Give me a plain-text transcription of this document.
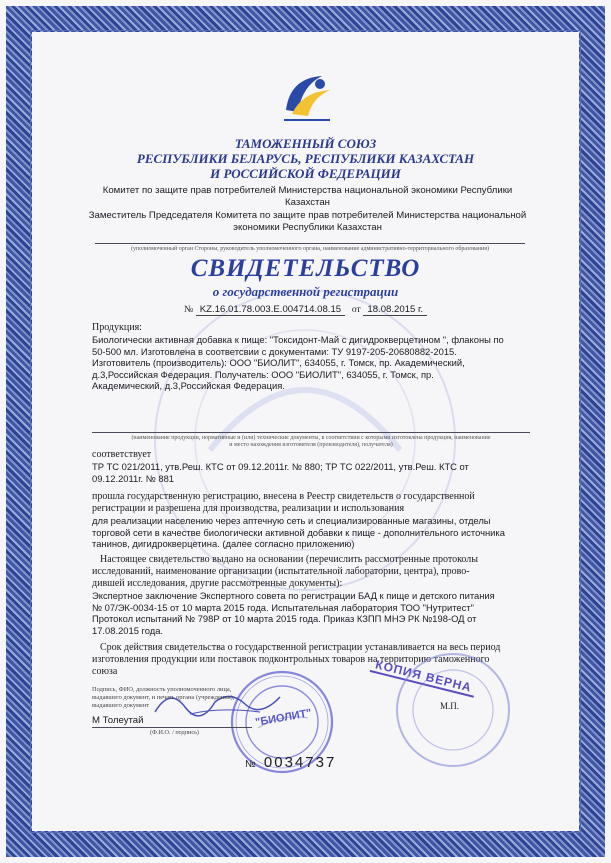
ТАМОЖЕННЫЙ СОЮЗ
РЕСПУБЛИКИ БЕЛАРУСЬ, РЕСПУБЛИКИ КАЗАХСТАН
И РОССИЙСКОЙ ФЕДЕРАЦИИ
Комитет по защите прав потребителей Министерства национальной экономики Республики
Казахстан
Заместитель Председателя Комитета по защите прав потребителей Министерства национальной
экономики Республики Казахстан
(уполномоченный орган Стороны, руководитель уполномоченного органа, наименование административно-территориального образования)
СВИДЕТЕЛЬСТВО
о государственной регистрации
№ KZ.16.01.78.003.E.004714.08.15 от 18.08.2015 г.
Продукция:
Биологически активная добавка к пище: "Токсидонт-Май с дигидрокверцетином ", флаконы по
50-500 мл. Изготовлена в соответсвии с документами: ТУ 9197-205-20680882-2015.
Изготовитель (производитель): ООО "БИОЛИТ", 634055, г. Томск, пр. Академический,
д.3,Российская Федерация. Получатель: ООО "БИОЛИТ", 634055, г. Томск, пр.
Академический, д.3,Российская Федерация.
(наименование продукции, нормативные и (или) технические документы, в соответствии с которыми изготовлена продукция, наименование
и место нахождения изготовителя (производителя), получателя)
соответствует
ТР ТС 021/2011, утв.Реш. КТС от 09.12.2011г. № 880; ТР ТС 022/2011, утв.Реш. КТС от
09.12.2011г. № 881
прошла государственную регистрацию, внесена в Реестр свидетельств о государственной
регистрации и разрешена для производства, реализации и использования
для реализации населению через аптечную сеть и специализированные магазины, отделы
торговой сети в качестве биологически активной добавки к пище - дополнительного источника
танинов, дигидрокверцетина. (далее согласно приложению)
Настоящее свидетельство выдано на основании (перечислить рассмотренные протоколы
исследований, наименование организации (испытательной лаборатории, центра), прово-
дившей исследования, другие рассмотренные документы):
Экспертное заключение Экспертного совета по регистрации БАД к пище и детского питания
№ 07/ЭК-0034-15 от 10 марта 2015 года. Испытательная лаборатория ТОО "Нутритест"
Протокол испытаний № 798Р от 10 марта 2015 года. Приказ КЗПП МНЭ РК №198-ОД от
17.08.2015 года.
Срок действия свидетельства о государственной регистрации устанавливается на весь период
изготовления продукции или поставок подконтрольных товаров на территорию таможенного
союза	КОПИЯ ВЕРНА
"БИОЛИТ"
М.П.
Подпись, ФИО, должность уполномоченного лица,
выдавшего документ, и печать органа (учреждения),
выдавшего документ
М Толеутай
(Ф.И.О. / подпись)
№ 0034737
